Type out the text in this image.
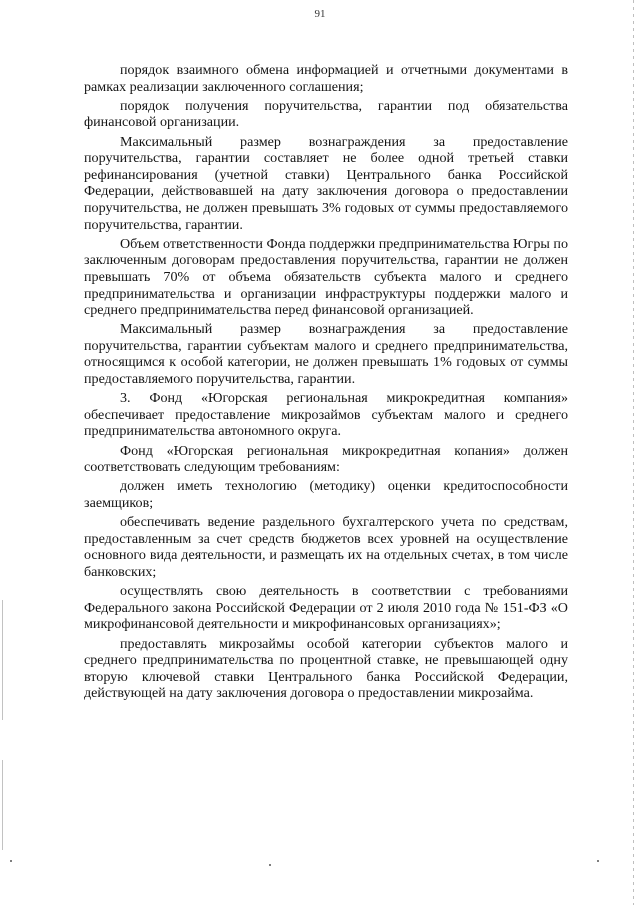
91

порядок взаимного обмена информацией и отчетными документами в рамках реализации заключенного соглашения;

порядок получения поручительства, гарантии под обязательства финансовой организации.

Максимальный размер вознаграждения за предоставление поручительства, гарантии составляет не более одной третьей ставки рефинансирования (учетной ставки) Центрального банка Российской Федерации, действовавшей на дату заключения договора о предоставлении поручительства, не должен превышать 3% годовых от суммы предоставляемого поручительства, гарантии.

Объем ответственности Фонда поддержки предпринимательства Югры по заключенным договорам предоставления поручительства, гарантии не должен превышать 70% от объема обязательств субъекта малого и среднего предпринимательства и организации инфраструктуры поддержки малого и среднего предпринимательства перед финансовой организацией.

Максимальный размер вознаграждения за предоставление поручительства, гарантии субъектам малого и среднего предпринимательства, относящимся к особой категории, не должен превышать 1% годовых от суммы предоставляемого поручительства, гарантии.

3. Фонд «Югорская региональная микрокредитная компания» обеспечивает предоставление микрозаймов субъектам малого и среднего предпринимательства автономного округа.

Фонд «Югорская региональная микрокредитная копания» должен соответствовать следующим требованиям:

должен иметь технологию (методику) оценки кредитоспособности заемщиков;

обеспечивать ведение раздельного бухгалтерского учета по средствам, предоставленным за счет средств бюджетов всех уровней на осуществление основного вида деятельности, и размещать их на отдельных счетах, в том числе банковских;

осуществлять свою деятельность в соответствии с требованиями Федерального закона Российской Федерации от 2 июля 2010 года № 151-ФЗ «О микрофинансовой деятельности и микрофинансовых организациях»;

предоставлять микрозаймы особой категории субъектов малого и среднего предпринимательства по процентной ставке, не превышающей одну вторую ключевой ставки Центрального банка Российской Федерации, действующей на дату заключения договора о предоставлении микрозайма.
